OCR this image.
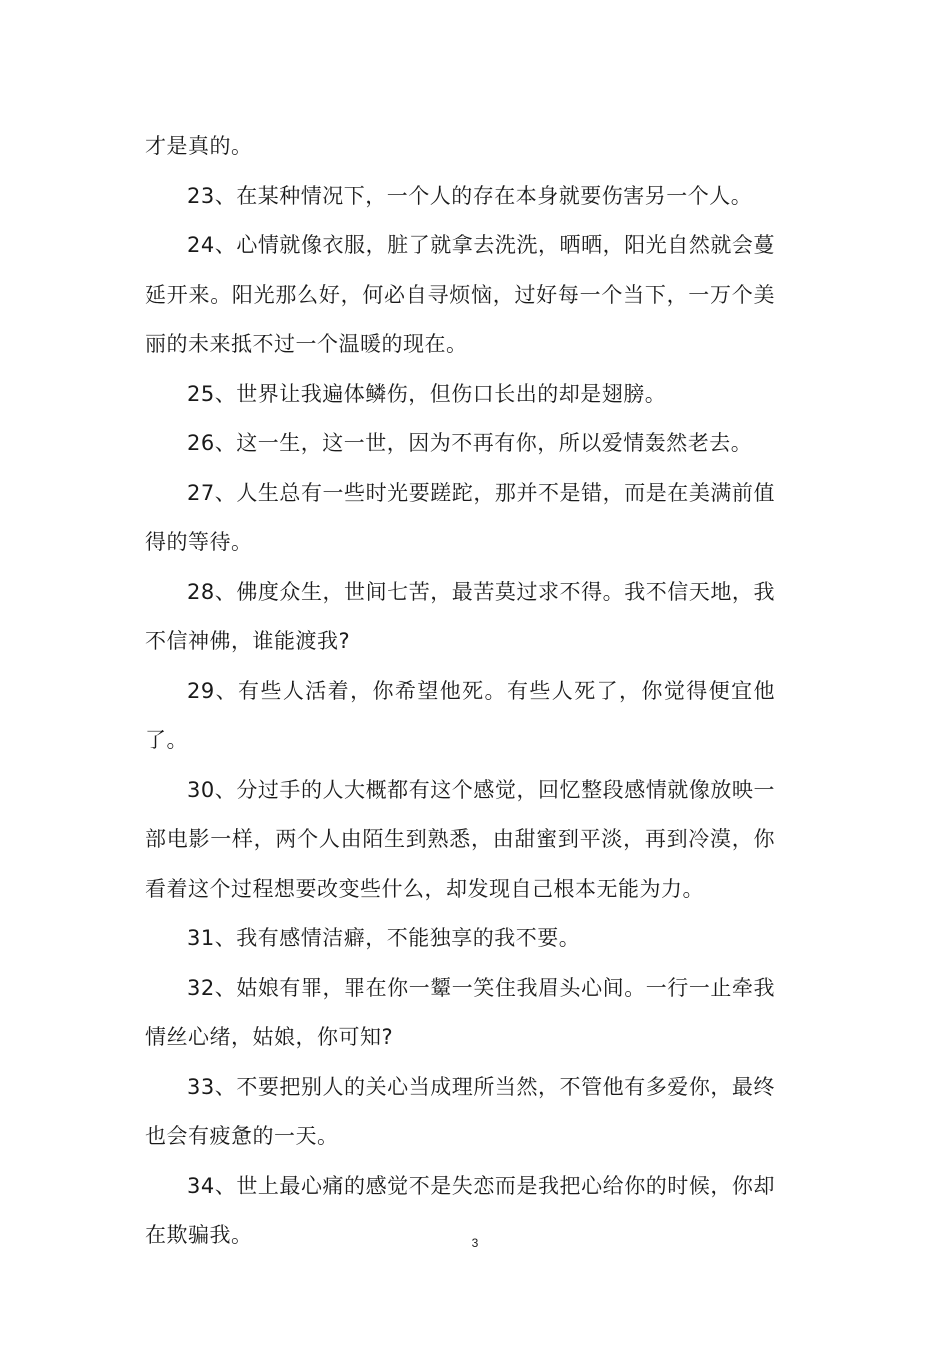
才是真的。

23、在某种情况下，一个人的存在本身就要伤害另一个人。

24、心情就像衣服，脏了就拿去洗洗，晒晒，阳光自然就会蔓延开来。阳光那么好，何必自寻烦恼，过好每一个当下，一万个美丽的未来抵不过一个温暖的现在。

25、世界让我遍体鳞伤，但伤口长出的却是翅膀。

26、这一生，这一世，因为不再有你，所以爱情轰然老去。

27、人生总有一些时光要蹉跎，那并不是错，而是在美满前值得的等待。

28、佛度众生，世间七苦，最苦莫过求不得。我不信天地，我不信神佛，谁能渡我?

29、有些人活着，你希望他死。有些人死了，你觉得便宜他了。

30、分过手的人大概都有这个感觉，回忆整段感情就像放映一部电影一样，两个人由陌生到熟悉，由甜蜜到平淡，再到冷漠，你看着这个过程想要改变些什么，却发现自己根本无能为力。

31、我有感情洁癖，不能独享的我不要。

32、姑娘有罪，罪在你一颦一笑住我眉头心间。一行一止牵我情丝心绪，姑娘，你可知?

33、不要把别人的关心当成理所当然，不管他有多爱你，最终也会有疲惫的一天。

34、世上最心痛的感觉不是失恋而是我把心给你的时候，你却在欺骗我。	3
